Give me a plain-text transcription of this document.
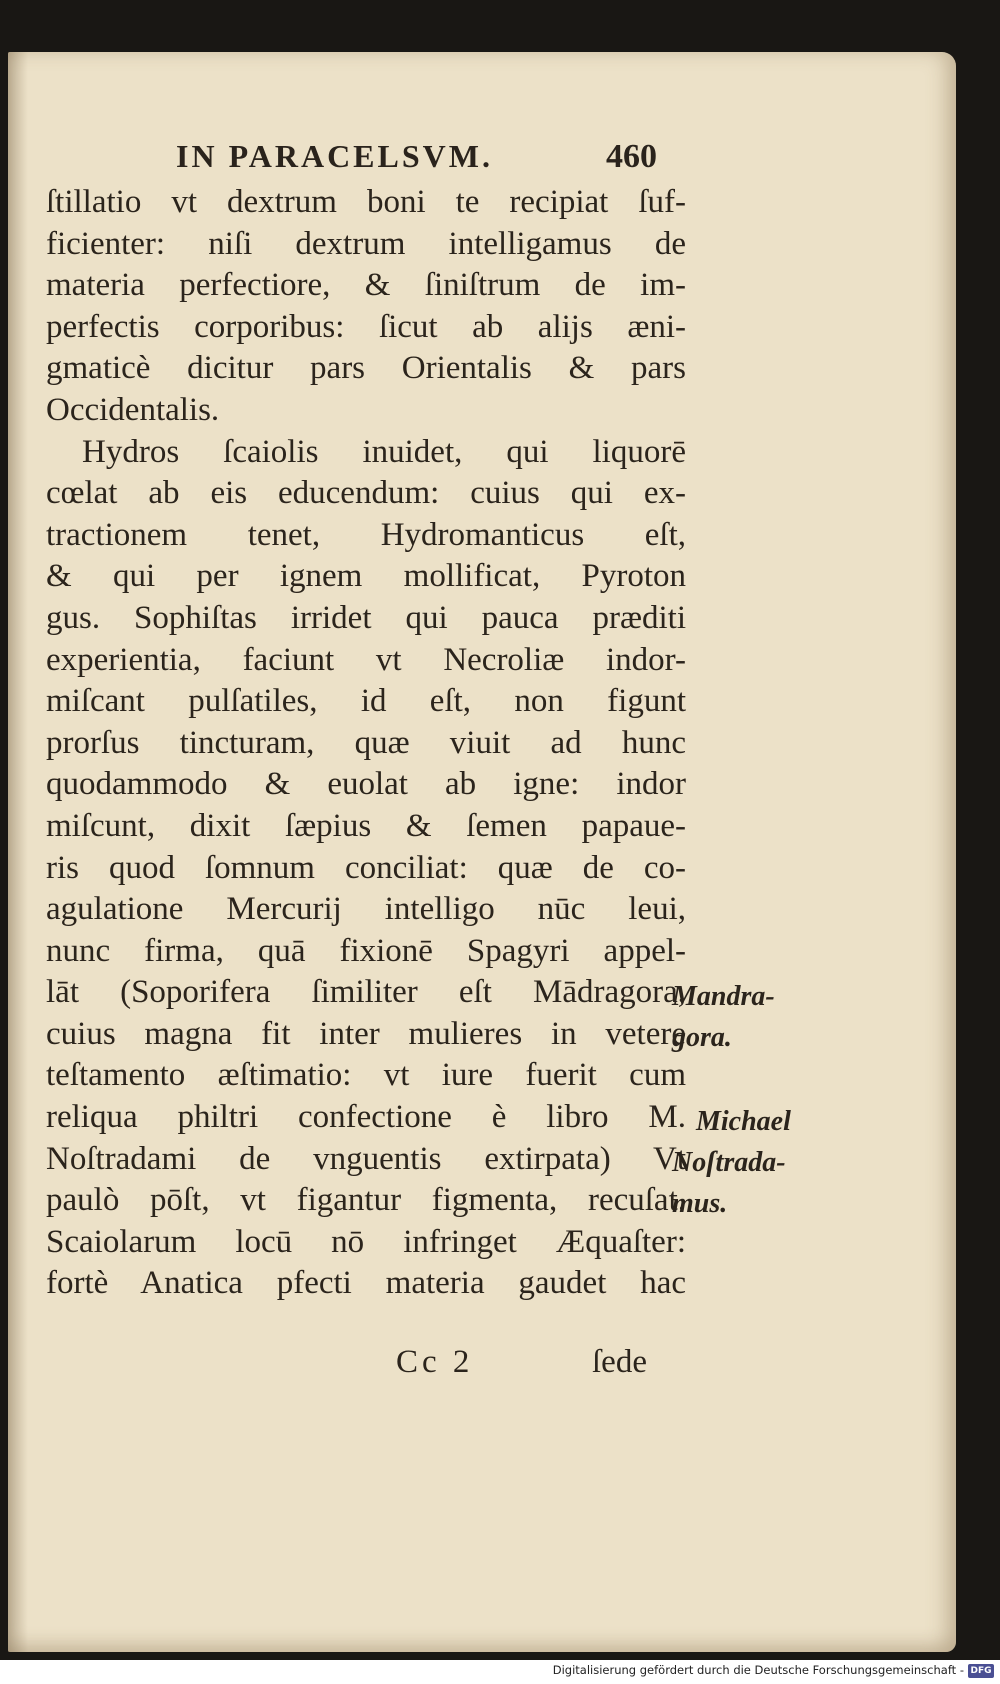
IN PARACELSVM.	460
ſtillatio vt dextrum boni te recipiat ſuf-
ficienter: niſi dextrum intelligamus de
materia perfectiore, & ſiniſtrum de im-
perfectis corporibus: ſicut ab alijs æni-
gmaticè dicitur pars Orientalis & pars
Occidentalis.
Hydros ſcaiolis inuidet, qui liquorē
cœlat ab eis educendum: cuius qui ex-
tractionem tenet, Hydromanticus eſt,
& qui per ignem mollificat, Pyroton
gus. Sophiſtas irridet qui pauca præditi
experientia, faciunt vt Necroliæ indor-
miſcant pulſatiles, id eſt, non figunt
prorſus tincturam, quæ viuit ad hunc
quodammodo & euolat ab igne: indor
miſcunt, dixit ſæpius & ſemen papaue-
ris quod ſomnum conciliat: quæ de co-
agulatione Mercurij intelligo nūc leui,
nunc firma, quā fixionē Spagyri appel-
lāt (Soporifera ſimiliter eſt Mādragora,
cuius magna fit inter mulieres in vetere
teſtamento æſtimatio: vt iure fuerit cum
reliqua philtri confectione è libro M.
Noſtradami de vnguentis extirpata) Vt
paulò pōſt, vt figantur figmenta, recuſat.
Scaiolarum locū nō infringet Æquaſter:
fortè Anatica pfecti materia gaudet hac
Mandra-
gora.
Michael
Noſtrada-
mus.
Cc 2	ſede
Digitalisierung gefördert durch die Deutsche Forschungsgemeinschaft - DFG
